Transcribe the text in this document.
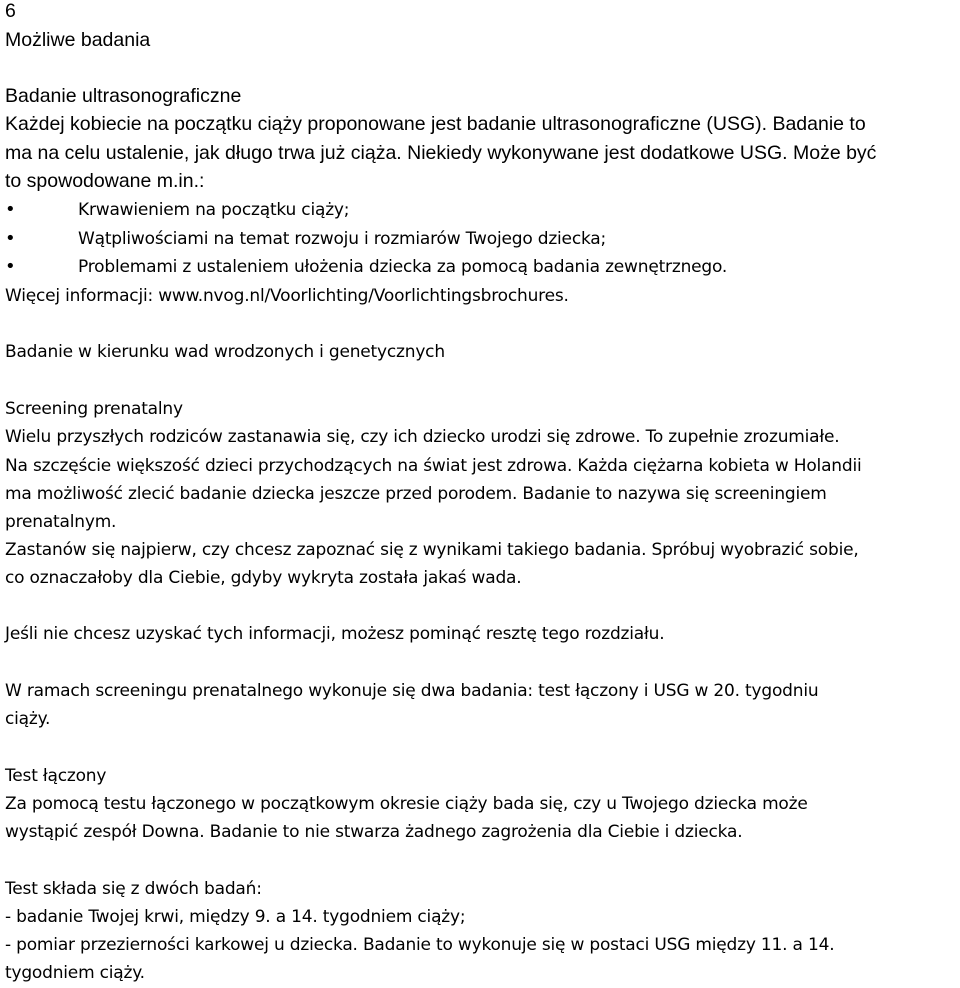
6
Możliwe badania
Badanie ultrasonograficzne
Każdej kobiecie na początku ciąży proponowane jest badanie ultrasonograficzne (USG). Badanie to
ma na celu ustalenie, jak długo trwa już ciąża. Niekiedy wykonywane jest dodatkowe USG. Może być
to spowodowane m.in.:
•	Krwawieniem na początku ciąży;
•	Wątpliwościami na temat rozwoju i rozmiarów Twojego dziecka;
•	Problemami z ustaleniem ułożenia dziecka za pomocą badania zewnętrznego.
Więcej informacji: www.nvog.nl/Voorlichting/Voorlichtingsbrochures.
Badanie w kierunku wad wrodzonych i genetycznych
Screening prenatalny
Wielu przyszłych rodziców zastanawia się, czy ich dziecko urodzi się zdrowe. To zupełnie zrozumiałe.
Na szczęście większość dzieci przychodzących na świat jest zdrowa. Każda ciężarna kobieta w Holandii
ma możliwość zlecić badanie dziecka jeszcze przed porodem. Badanie to nazywa się screeningiem
prenatalnym.
Zastanów się najpierw, czy chcesz zapoznać się z wynikami takiego badania. Spróbuj wyobrazić sobie,
co oznaczałoby dla Ciebie, gdyby wykryta została jakaś wada.
Jeśli nie chcesz uzyskać tych informacji, możesz pominąć resztę tego rozdziału.
W ramach screeningu prenatalnego wykonuje się dwa badania: test łączony i USG w 20. tygodniu
ciąży.
Test łączony
Za pomocą testu łączonego w początkowym okresie ciąży bada się, czy u Twojego dziecka może
wystąpić zespół Downa. Badanie to nie stwarza żadnego zagrożenia dla Ciebie i dziecka.
Test składa się z dwóch badań:
- badanie Twojej krwi, między 9. a 14. tygodniem ciąży;
- pomiar przezierności karkowej u dziecka. Badanie to wykonuje się w postaci USG między 11. a 14.
tygodniem ciąży.
